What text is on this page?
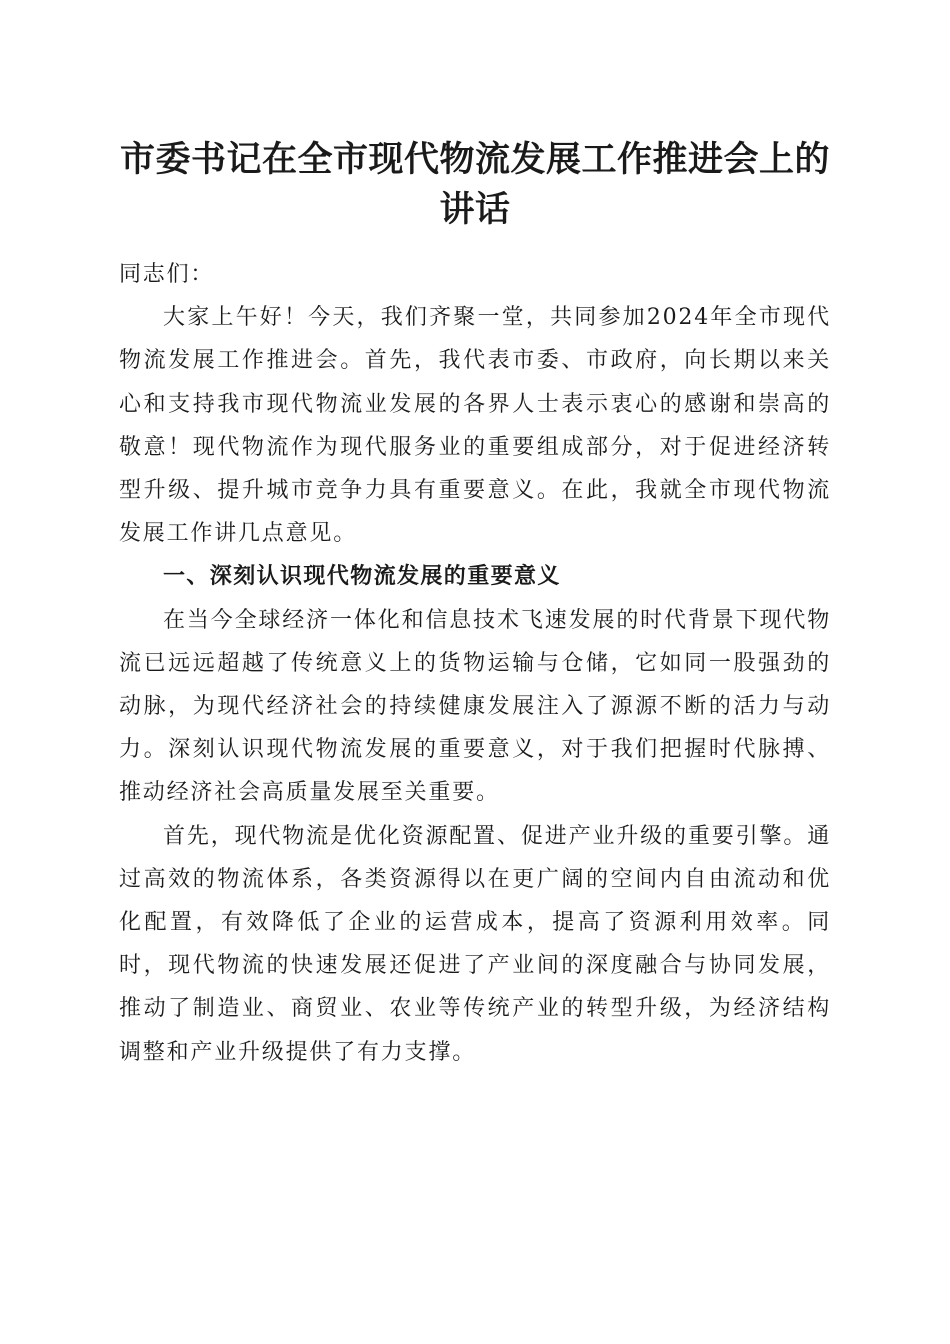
市委书记在全市现代物流发展工作推进会上的
讲话

同志们：

大家上午好！今天，我们齐聚一堂，共同参加2024年全市现代物流发展工作推进会。首先，我代表市委、市政府，向长期以来关心和支持我市现代物流业发展的各界人士表示衷心的感谢和崇高的敬意！现代物流作为现代服务业的重要组成部分，对于促进经济转型升级、提升城市竞争力具有重要意义。在此，我就全市现代物流发展工作讲几点意见。

一、深刻认识现代物流发展的重要意义

在当今全球经济一体化和信息技术飞速发展的时代背景下现代物流已远远超越了传统意义上的货物运输与仓储，它如同一股强劲的动脉，为现代经济社会的持续健康发展注入了源源不断的活力与动力。深刻认识现代物流发展的重要意义，对于我们把握时代脉搏、推动经济社会高质量发展至关重要。

首先，现代物流是优化资源配置、促进产业升级的重要引擎。通过高效的物流体系，各类资源得以在更广阔的空间内自由流动和优化配置，有效降低了企业的运营成本，提高了资源利用效率。同时，现代物流的快速发展还促进了产业间的深度融合与协同发展，推动了制造业、商贸业、农业等传统产业的转型升级，为经济结构调整和产业升级提供了有力支撑。
